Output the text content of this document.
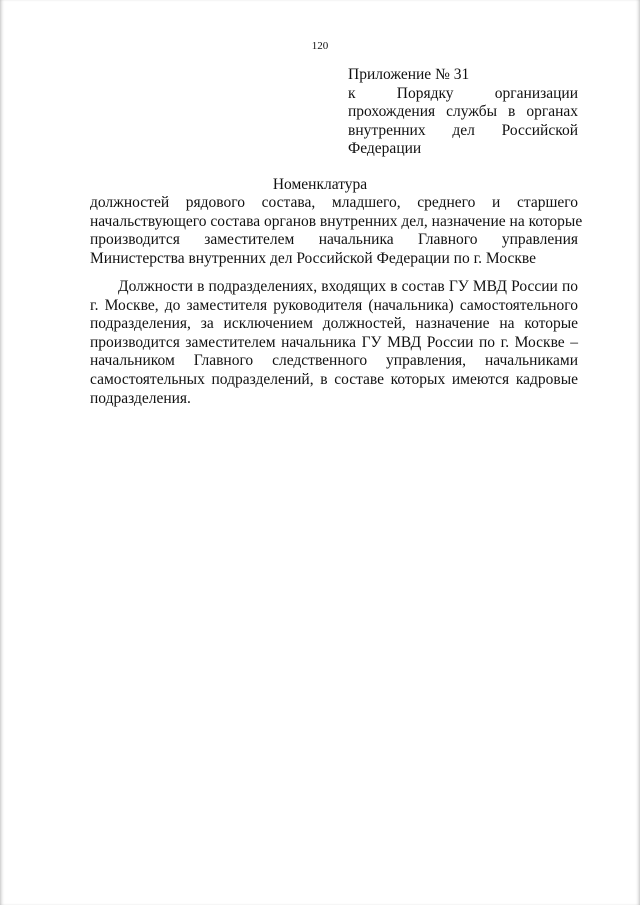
120
Приложение № 31
к Порядку организации
прохождения службы в органах
внутренних дел Российской
Федерации
Номенклатура
должностей рядового состава, младшего, среднего и старшего
начальствующего состава органов внутренних дел, назначение на которые
производится заместителем начальника Главного управления
Министерства внутренних дел Российской Федерации по г. Москве
Должности в подразделениях, входящих в состав ГУ МВД России по
г. Москве, до заместителя руководителя (начальника) самостоятельного
подразделения, за исключением должностей, назначение на которые
производится заместителем начальника ГУ МВД России по г. Москве –
начальником Главного следственного управления, начальниками
самостоятельных подразделений, в составе которых имеются кадровые
подразделения.
